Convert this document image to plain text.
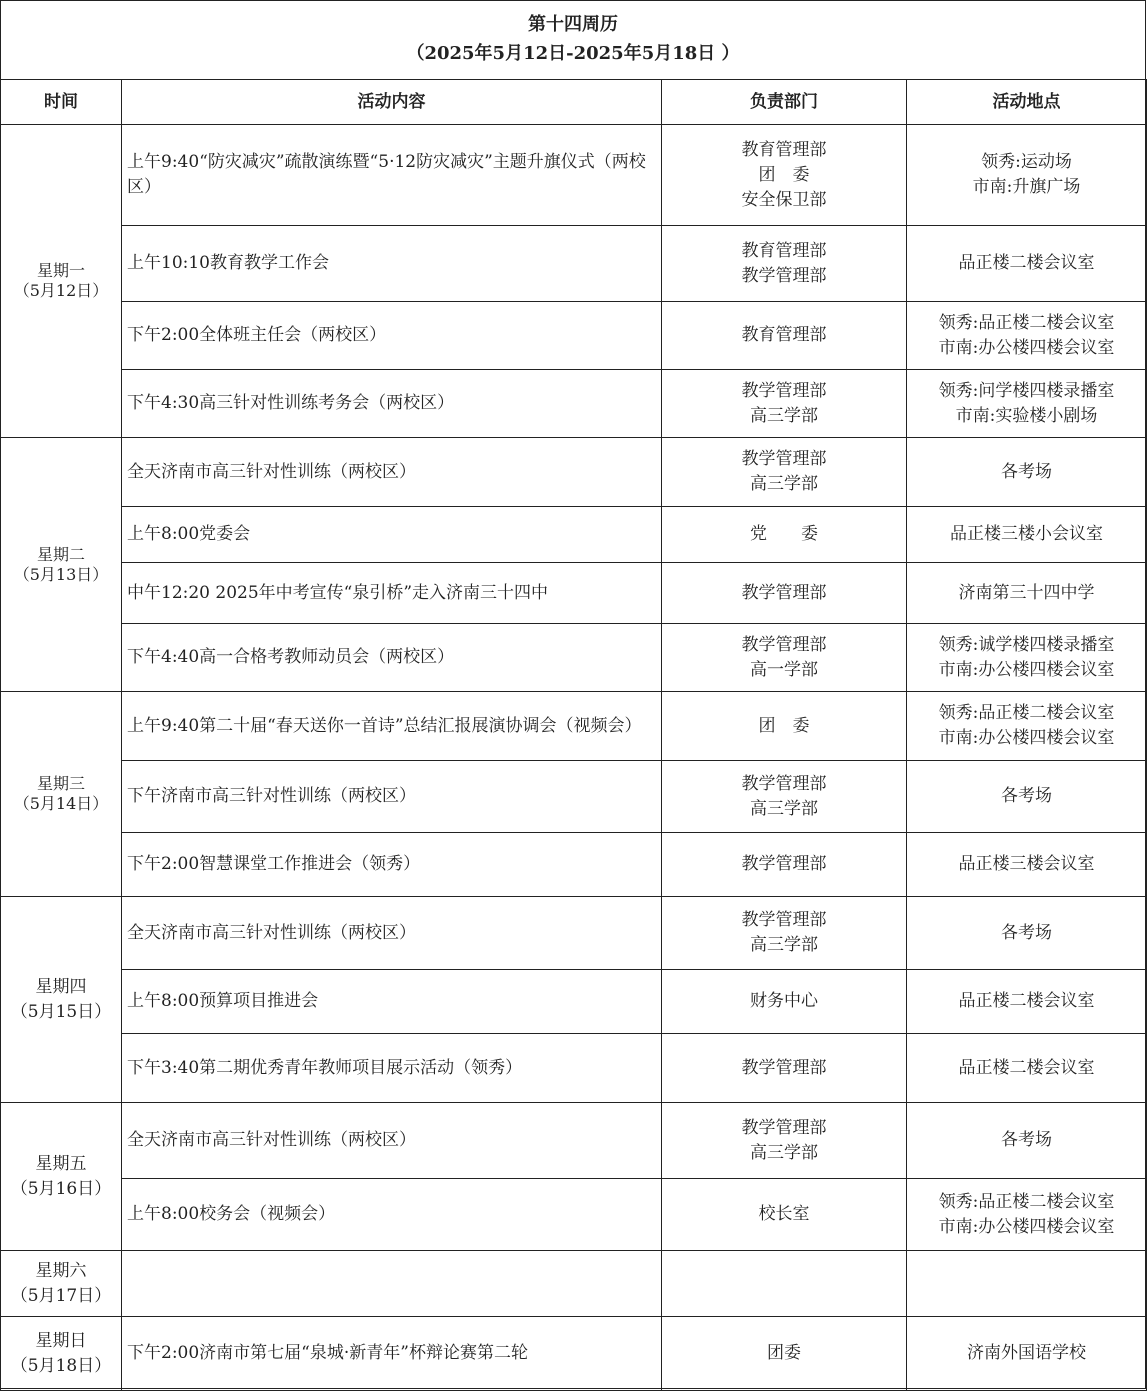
第十四周历
（2025年5月12日-2025年5月18日 ）
时间	活动内容	负责部门	活动地点

星期一
（5月12日）	上午9:40“防灾减灾”疏散演练暨“5·12防灾减灾”主题升旗仪式（两校区）	教育管理部
团　委
安全保卫部	领秀:运动场
市南:升旗广场

	上午10:10教育教学工作会	教育管理部
教学管理部	品正楼二楼会议室

	下午2:00全体班主任会（两校区）	教育管理部	领秀:品正楼二楼会议室
市南:办公楼四楼会议室

	下午4:30高三针对性训练考务会（两校区）	教学管理部
高三学部	领秀:问学楼四楼录播室
市南:实验楼小剧场

星期二
（5月13日）	全天济南市高三针对性训练（两校区）	教学管理部
高三学部	各考场

	上午8:00党委会	党　　委	品正楼三楼小会议室

	中午12:20 2025年中考宣传“泉引桥”走入济南三十四中	教学管理部	济南第三十四中学

	下午4:40高一合格考教师动员会（两校区）	教学管理部
高一学部	领秀:诚学楼四楼录播室
市南:办公楼四楼会议室

星期三
（5月14日）	上午9:40第二十届“春天送你一首诗”总结汇报展演协调会（视频会）	团　委	领秀:品正楼二楼会议室
市南:办公楼四楼会议室

	下午济南市高三针对性训练（两校区）	教学管理部
高三学部	各考场

	下午2:00智慧课堂工作推进会（领秀）	教学管理部	品正楼三楼会议室

星期四
（5月15日）	全天济南市高三针对性训练（两校区）	教学管理部
高三学部	各考场

	上午8:00预算项目推进会	财务中心	品正楼二楼会议室

	下午3:40第二期优秀青年教师项目展示活动（领秀）	教学管理部	品正楼二楼会议室

星期五
（5月16日）	全天济南市高三针对性训练（两校区）	教学管理部
高三学部	各考场

	上午8:00校务会（视频会）	校长室	领秀:品正楼二楼会议室
市南:办公楼四楼会议室

星期六
（5月17日）			

星期日
（5月18日）	下午2:00济南市第七届“泉城·新青年”杯辩论赛第二轮	团委	济南外国语学校
